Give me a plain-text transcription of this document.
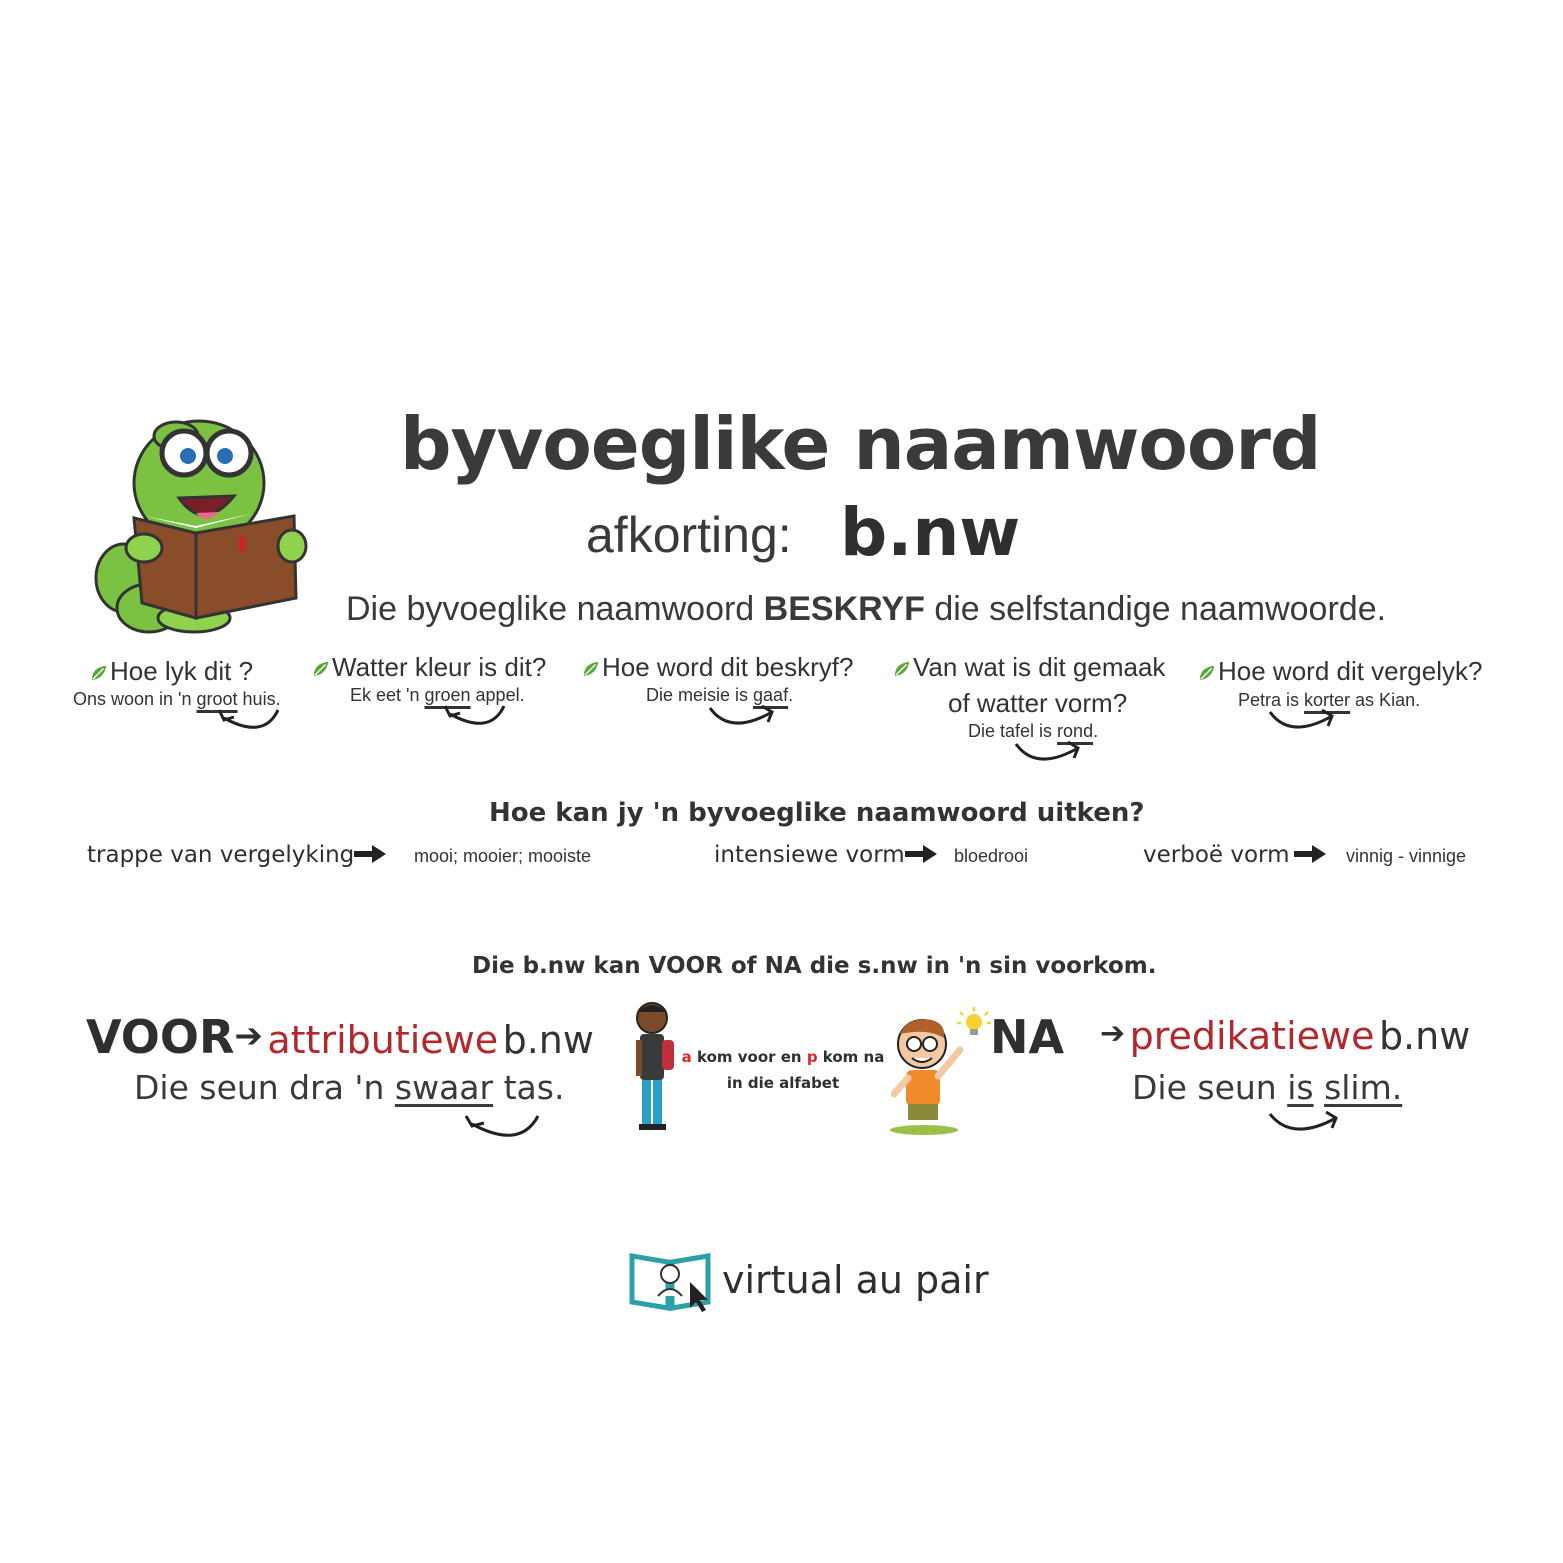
byvoeglike naamwoord
afkorting: b.nw
Die byvoeglike naamwoord BESKRYF die selfstandige naamwoorde.
Hoe lyk dit ?
Ons woon in 'n groot huis.
Watter kleur is dit?
Ek eet 'n groen appel.
Hoe word dit beskryf?
Die meisie is gaaf.
Van wat is dit gemaak
of watter vorm?
Die tafel is rond.
Hoe word dit vergelyk?
Petra is korter as Kian.
Hoe kan jy 'n byvoeglike naamwoord uitken?
trappe van vergelyking	mooi; mooier; mooiste	intensiewe vorm	bloedrooi	verboë vorm	vinnig - vinnige
Die b.nw kan VOOR of NA die s.nw in 'n sin voorkom.
VOOR➔ attributiewe b.nw
Die seun dra 'n swaar tas.
a kom voor en p kom na
in die alfabet
NA ➔ predikatiewe b.nw
Die seun is slim.
virtual au pair
